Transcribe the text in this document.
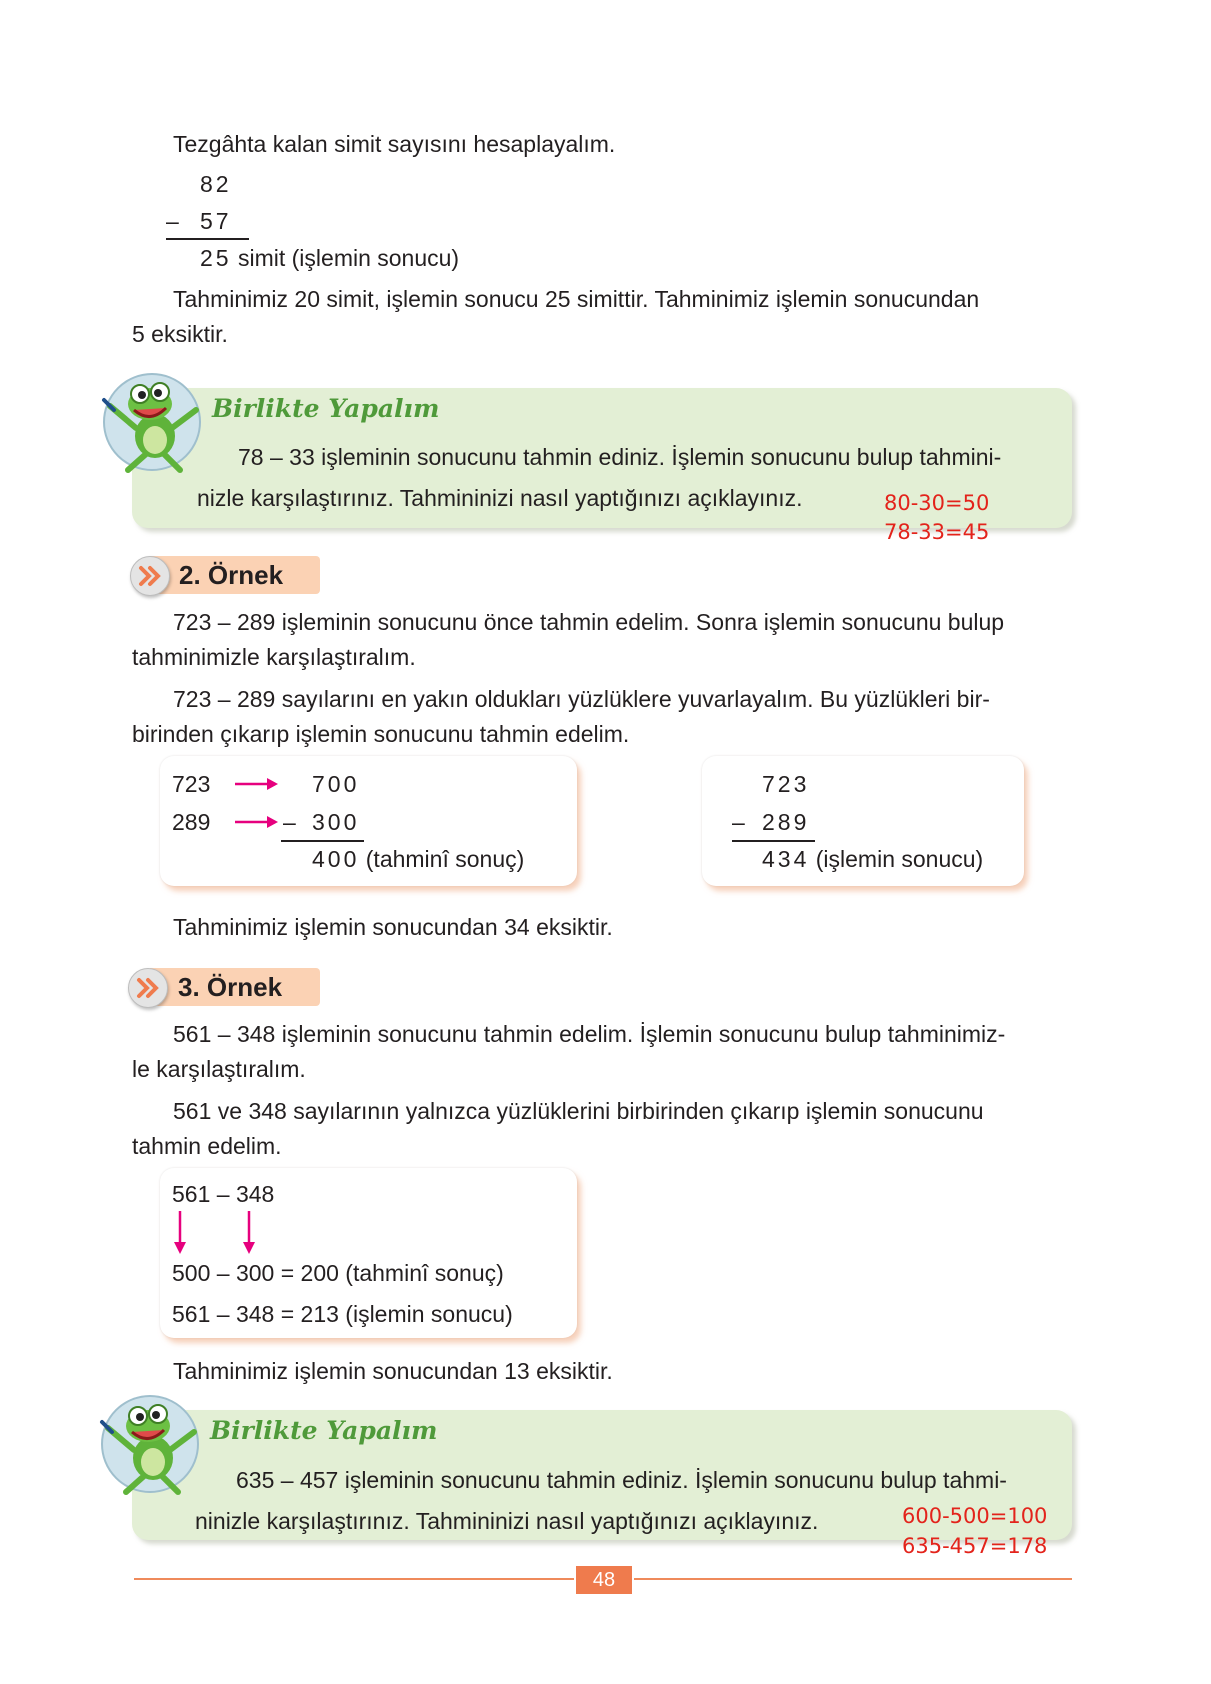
Tezgâhta kalan simit sayısını hesaplayalım.
82
– 57
25 simit (işlemin sonucu)
Tahminimiz 20 simit, işlemin sonucu 25 simittir. Tahminimiz işlemin sonucundan
5 eksiktir.
Birlikte Yapalım
78 – 33 işleminin sonucunu tahmin ediniz. İşlemin sonucunu bulup tahmini-
nizle karşılaştırınız. Tahmininizi nasıl yaptığınızı açıklayınız.	80-30=50
78-33=45
2. Örnek
723 – 289 işleminin sonucunu önce tahmin edelim. Sonra işlemin sonucunu bulup
tahminimizle karşılaştıralım.
723 – 289 sayılarını en yakın oldukları yüzlüklere yuvarlayalım. Bu yüzlükleri bir-
birinden çıkarıp işlemin sonucunu tahmin edelim.
723
289
700
– 300
400 (tahminî sonuç)
723
– 289
434 (işlemin sonucu)
Tahminimiz işlemin sonucundan 34 eksiktir.
3. Örnek
561 – 348 işleminin sonucunu tahmin edelim. İşlemin sonucunu bulup tahminimiz-
le karşılaştıralım.
561 ve 348 sayılarının yalnızca yüzlüklerini birbirinden çıkarıp işlemin sonucunu
tahmin edelim.
561 – 348
500 – 300 = 200 (tahminî sonuç)
561 – 348 = 213 (işlemin sonucu)
Tahminimiz işlemin sonucundan 13 eksiktir.
Birlikte Yapalım
635 – 457 işleminin sonucunu tahmin ediniz. İşlemin sonucunu bulup tahmi-
ninizle karşılaştırınız. Tahmininizi nasıl yaptığınızı açıklayınız.	600-500=100
635-457=178
48
